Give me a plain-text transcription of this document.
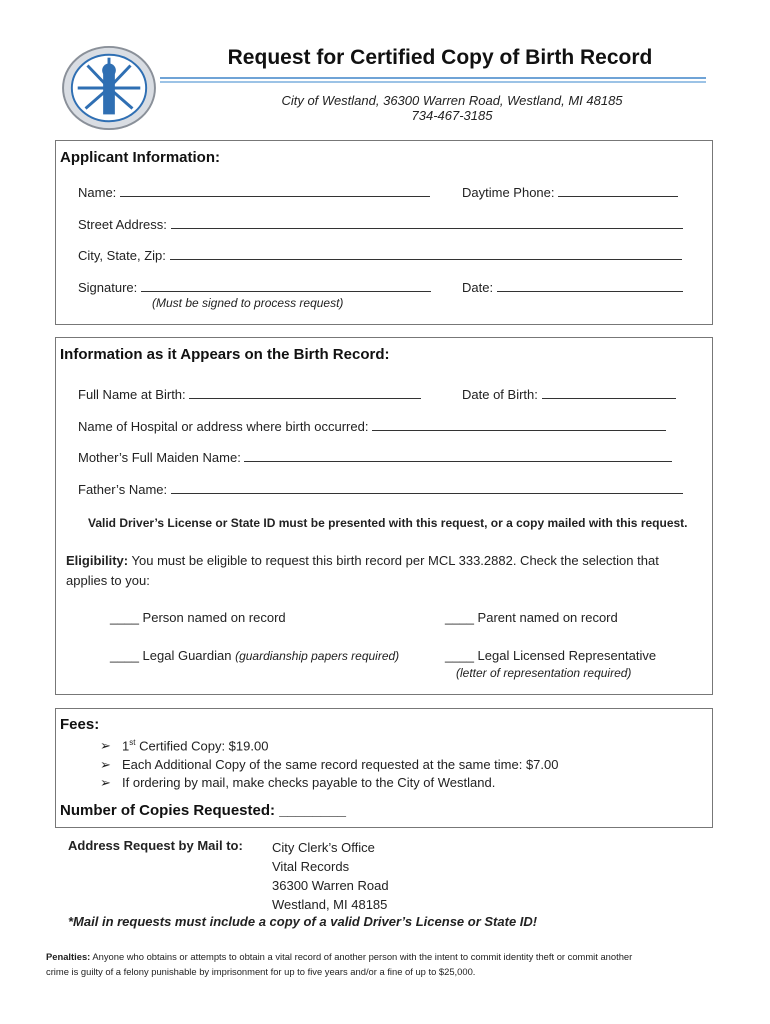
Request for Certified Copy of Birth Record
City of Westland, 36300 Warren Road, Westland, MI 48185
734-467-3185
Applicant Information:
Name:	Daytime Phone:
Street Address:
City, State, Zip:
Signature:	Date:
(Must be signed to process request)
Information as it Appears on the Birth Record:
Full Name at Birth:	Date of Birth:
Name of Hospital or address where birth occurred:
Mother’s Full Maiden Name:
Father’s Name:
Valid Driver’s License or State ID must be presented with this request, or a copy mailed with this request.
Eligibility: You must be eligible to request this birth record per MCL 333.2882. Check the selection that
applies to you:
____ Person named on record	____ Parent named on record
____ Legal Guardian (guardianship papers required)	____ Legal Licensed Representative
(letter of representation required)
Fees:
➢ 1st Certified Copy: $19.00
➢ Each Additional Copy of the same record requested at the same time: $7.00
➢ If ordering by mail, make checks payable to the City of Westland.
Number of Copies Requested: ________
Address Request by Mail to: City Clerk’s Office
Vital Records
36300 Warren Road
Westland, MI 48185
*Mail in requests must include a copy of a valid Driver’s License or State ID!
Penalties: Anyone who obtains or attempts to obtain a vital record of another person with the intent to commit identity theft or commit another
crime is guilty of a felony punishable by imprisonment for up to five years and/or a fine of up to $25,000.
